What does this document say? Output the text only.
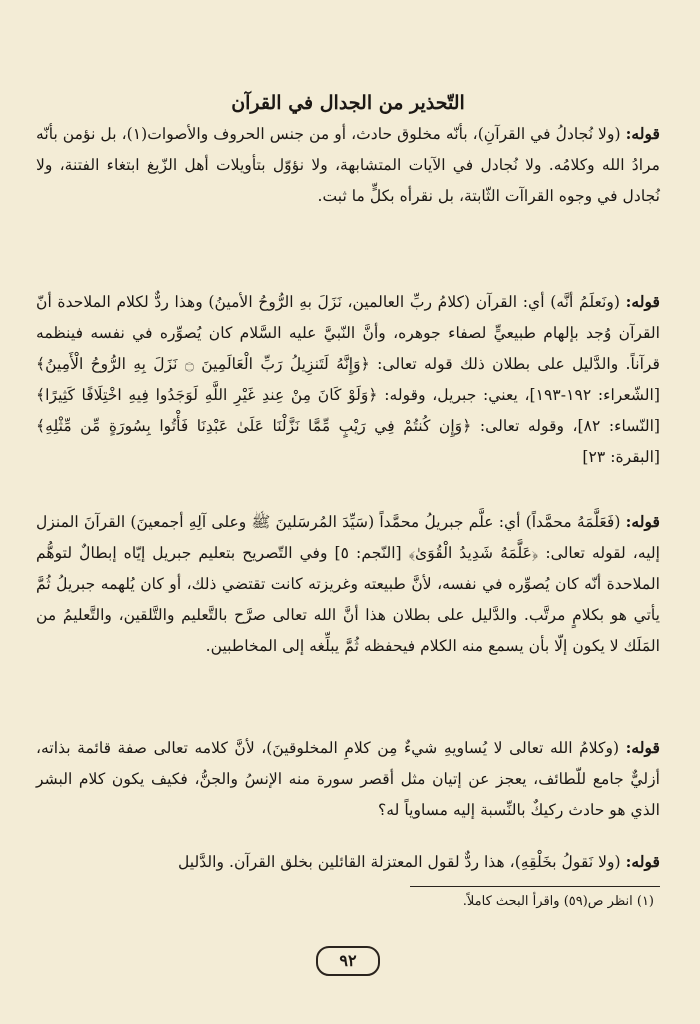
التّحذير من الجدال في القرآن

قوله: (ولا نُجادلُ في القرآنِ)، بأنّه مخلوق حادث، أو من جنس الحروف والأصوات(١)، بل نؤمن بأنّه مرادُ الله وكلامُه. ولا نُجادل في الآيات المتشابهة، ولا نؤوّل بتأويلات أهل الزّيغ ابتغاء الفتنة، ولا نُجادل في وجوه القراآت الثّابتة، بل نقرأه بكلٍّ ما ثبت.

قوله: (ونَعلَمُ أنَّه) أي: القرآن (كلامُ ربِّ العالمين، نَزَلَ بهِ الرُّوحُ الأمينُ) وهذا ردٌّ لكلام الملاحدة أنّ القرآن وُجد بإلهام طبيعيٍّ لصفاء جوهره، وأنَّ النّبيَّ عليه السَّلام كان يُصوِّره في نفسه فينظمه قرآناً. والدَّليل على بطلان ذلك قوله تعالى: ﴿وَإِنَّهُ لَتَنزِيلُ رَبِّ الْعَالَمِينَ ۝ نَزَلَ بِهِ الرُّوحُ الْأَمِينُ﴾ [الشّعراء: ١٩٢-١٩٣]، يعني: جبريل، وقوله: ﴿وَلَوْ كَانَ مِنْ عِندِ غَيْرِ اللَّهِ لَوَجَدُوا فِيهِ اخْتِلَافًا كَثِيرًا﴾ [النّساء: ٨٢]، وقوله تعالى: ﴿وَإِن كُنتُمْ فِي رَيْبٍ مِّمَّا نَزَّلْنَا عَلَىٰ عَبْدِنَا فَأْتُوا بِسُورَةٍ مِّن مِّثْلِهِ﴾ [البقرة: ٢٣]

قوله: (فَعَلَّمَهُ محمَّداً) أي: علَّم جبريلُ محمَّداً (سَيِّدَ المُرسَلينَ ﷺ وعلى آلِهِ أجمعينَ) القرآنَ المنزل إليه، لقوله تعالى: ﴿عَلَّمَهُ شَدِيدُ الْقُوَىٰ﴾ [النّجم: ٥] وفي التّصريح بتعليم جبريل إيّاه إبطالٌ لتوهُّم الملاحدة أنّه كان يُصوِّره في نفسه، لأنَّ طبيعته وغريزته كانت تقتضي ذلك، أو كان يُلهمه جبريلُ ثُمَّ يأتي هو بكلامٍ مرتَّب. والدَّليل على بطلان هذا أنَّ الله تعالى صرَّح بالتَّعليم والتَّلقين، والتَّعليمُ من المَلَك لا يكون إلّا بأن يسمع منه الكلام فيحفظه ثُمَّ يبلِّغه إلى المخاطبين.

قوله: (وكلامُ الله تعالى لا يُساويهِ شيءٌ مِن كلامِ المخلوقينَ)، لأنَّ كلامه تعالى صفة قائمة بذاته، أزليٌّ جامع للّطائف، يعجز عن إتيان مثل أقصر سورة منه الإنسُ والجنُّ، فكيف يكون كلام البشر الذي هو حادث ركيكٌ بالنِّسبة إليه مساوياً له؟

قوله: (ولا نَقولُ بخَلْقِهِ)، هذا ردٌّ لقول المعتزلة القائلين بخلق القرآن. والدَّليل

(١) انظر ص(٥٩) واقرأ البحث كاملاً.
٩٢
